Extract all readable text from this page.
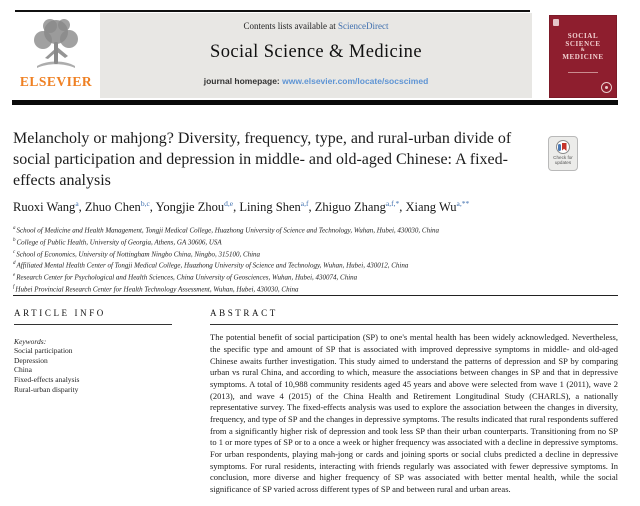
ELSEVIER
Contents lists available at ScienceDirect
Social Science & Medicine
journal homepage: www.elsevier.com/locate/socscimed
SOCIAL
SCIENCE
&
MEDICINE
Melancholy or mahjong? Diversity, frequency, type, and rural-urban divide of social participation and depression in middle- and old-aged Chinese: A fixed-effects analysis
Check for updates
Ruoxi Wang$^a$, Zhuo Chen$^{b,c}$, Yongjie Zhou$^{d,e}$, Lining Shen$^{a,f}$, Zhiguo Zhang$^{a,f,*}$, Xiang $Wu^{a,**}$
$^a$School of Medicine and Health Management, Tongji Medical College, Huazhong University of Science and Technology, Wuhan, Hubei, 430030, China
$^b$College of Public Health, University of Georgia, Athens, GA 30606, USA
$^c$School of Economics, University of Nottingham Ningbo China, Ningbo, 315100, China
$^d$Affiliated Mental Health Center of Tongji Medical College, Huazhong University of Science and Technology, Wuhan, Hubei, 430012, China
$^e$Research Center for Psychological and Health Sciences, China University of Geosciences, Wuhan, Hubei, 430074, China
$^f$Hubei Provincial Research Center for Health Technology Assessment, Wuhan, Hubei, 430030, China
ARTICLE INFO
Keywords:
Social participation
Depression
China
Fixed-effects analysis
Rural-urban disparity
ABSTRACT
The potential benefit of social participation (SP) to one's mental health has been widely acknowledged. Nevertheless, the specific type and amount of SP that is associated with improved depressive symptoms in middle- and old-aged Chinese awaits further investigation. This study aimed to understand the patterns of depression and SP by comparing urban vs rural China, and according to which, measure the associations between changes in SP and that in depressive symptoms. A total of 10,988 community residents aged 45 years and above were selected from wave 1 (2011), wave 2 (2013), and wave 4 (2015) of the China Health and Retirement Longitudinal Study (CHARLS), a nationally representative survey. The fixed-effects analysis was used to explore the association between the changes in diversity, frequency, and type of SP and the changes in depressive symptoms. The results indicated that rural respondents suffered from a significantly higher risk of depression and took less SP than their urban counterparts. Transitioning from no SP to 1 or more types of SP or to a once a week or higher frequency was associated with a decline in depressive symptoms. For urban respondents, playing mah-jong or cards and joining sports or social clubs predicted a decline in depressive symptoms. For rural residents, interacting with friends regularly was associated with fewer depressive symptoms. In conclusion, more diverse and higher frequency of SP was associated with better mental health, while the social significance of SP varied across different types of SP and between rural and urban areas.
